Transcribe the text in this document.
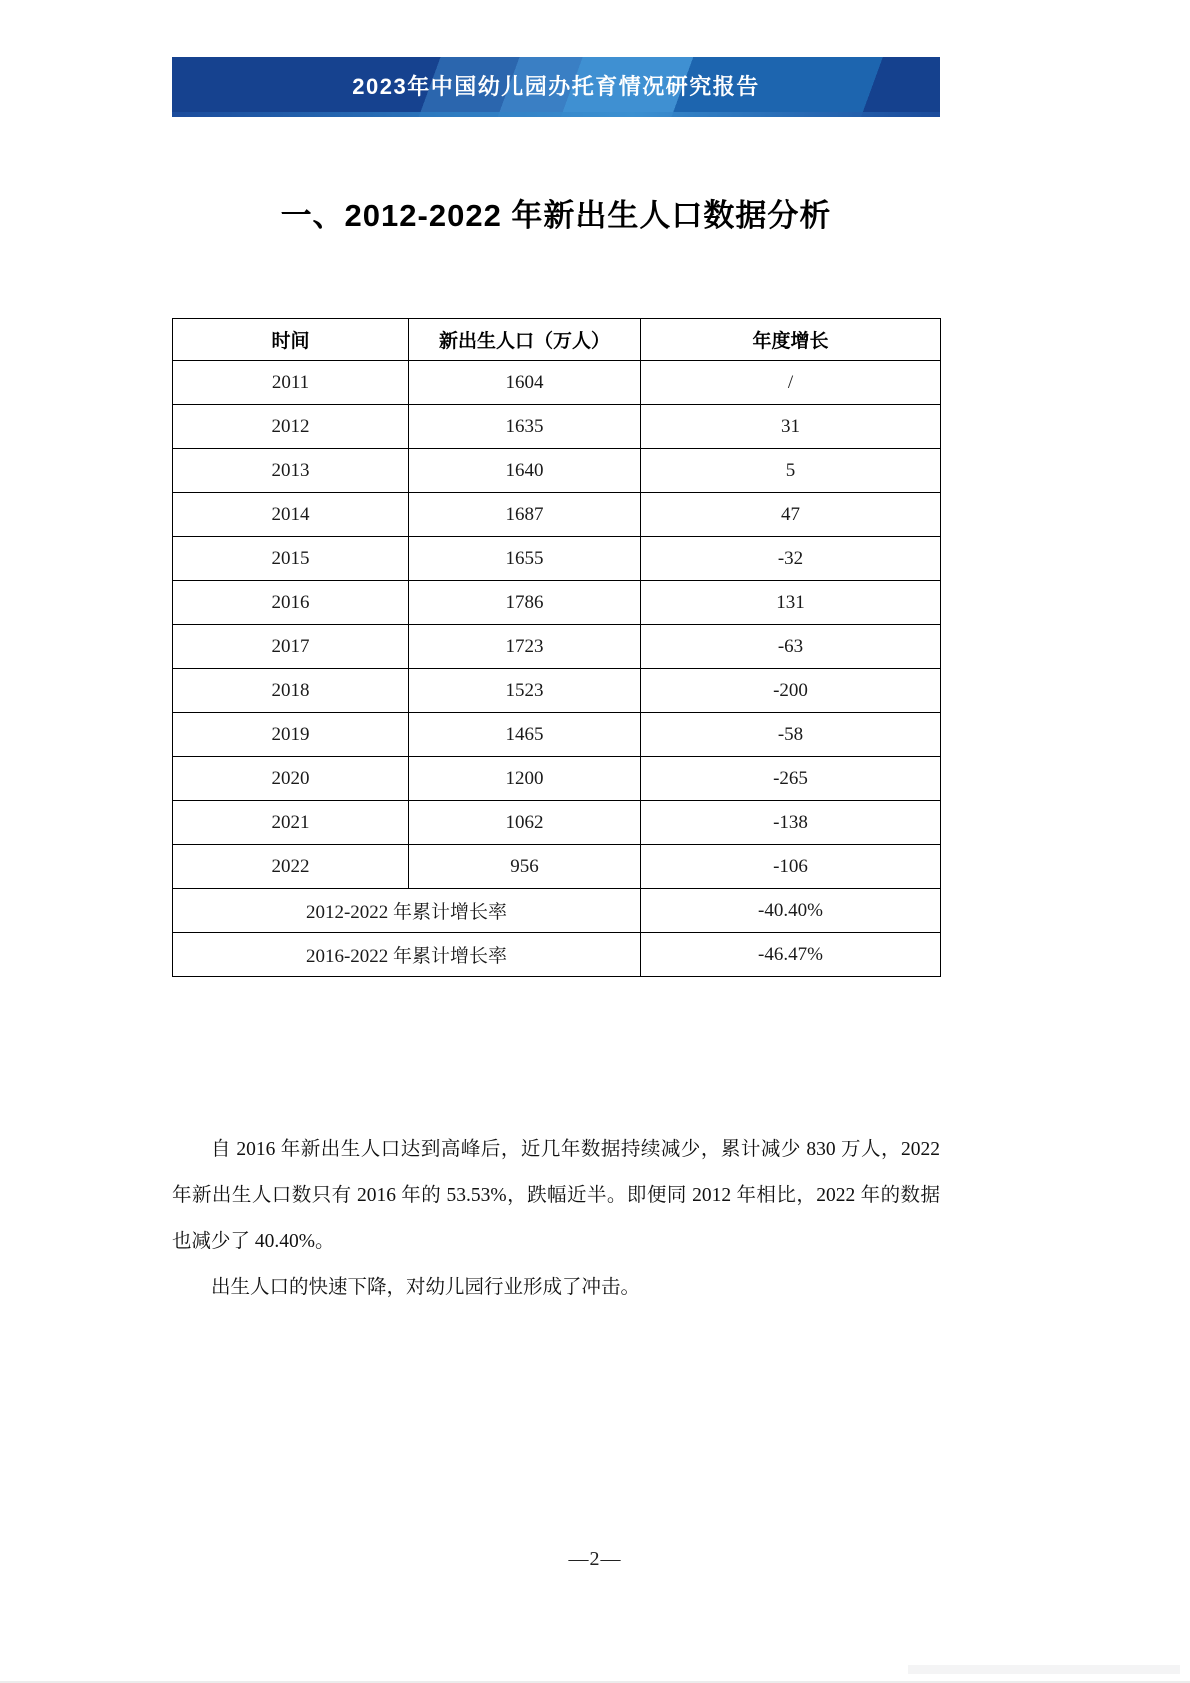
2023年中国幼儿园办托育情况研究报告
一、2012-2022 年新出生人口数据分析
时间	新出生人口（万人）	年度增长
2011	1604	/
2012	1635	31
2013	1640	5
2014	1687	47
2015	1655	-32
2016	1786	131
2017	1723	-63
2018	1523	-200
2019	1465	-58
2020	1200	-265
2021	1062	-138
2022	956	-106
2012-2022 年累计增长率		-40.40%
2016-2022 年累计增长率		-46.47%

自 2016 年新出生人口达到高峰后，近几年数据持续减少，累计减少 830 万人，2022 年新出生人口数只有 2016 年的 53.53%，跌幅近半。即便同 2012 年相比，2022 年的数据也减少了 40.40%。

出生人口的快速下降，对幼儿园行业形成了冲击。

—2—
